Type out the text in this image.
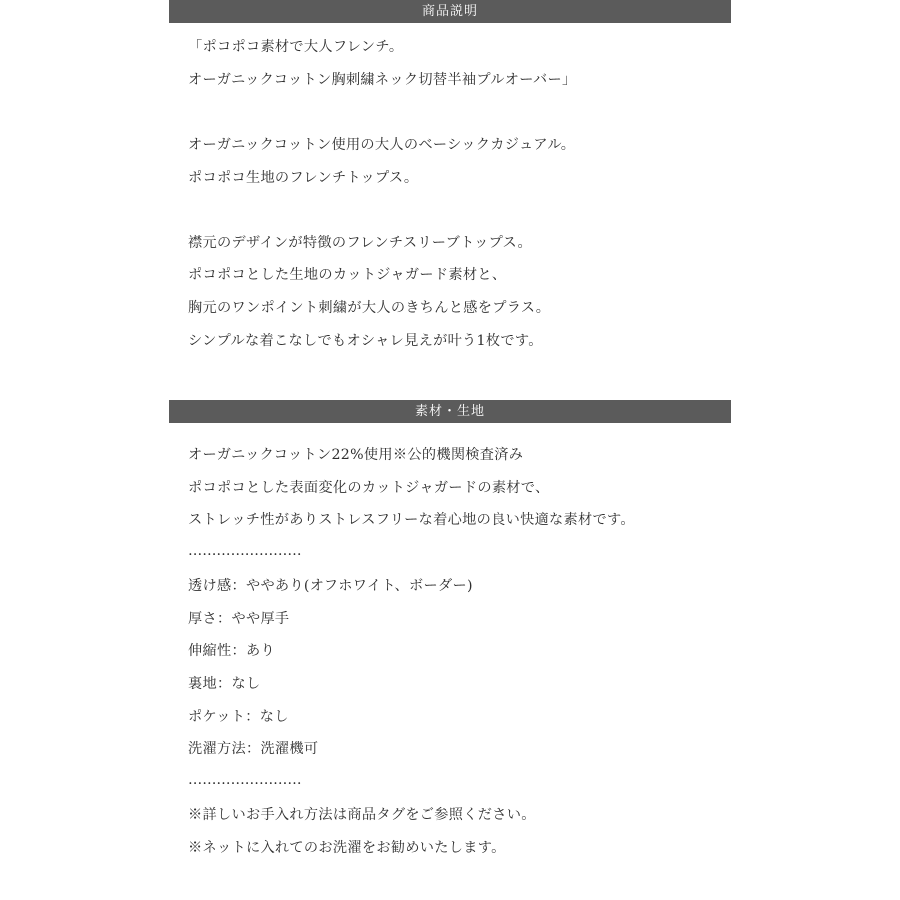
商品説明
「ポコポコ素材で大人フレンチ。
オーガニックコットン胸刺繍ネック切替半袖プルオーバー」
オーガニックコットン使用の大人のベーシックカジュアル。
ポコポコ生地のフレンチトップス。
襟元のデザインが特徴のフレンチスリーブトップス。
ポコポコとした生地のカットジャガード素材と、
胸元のワンポイント刺繍が大人のきちんと感をプラス。
シンプルな着こなしでもオシャレ見えが叶う1枚です。
素材・生地
オーガニックコットン22%使用※公的機関検査済み
ポコポコとした表面変化のカットジャガードの素材で、
ストレッチ性がありストレスフリーな着心地の良い快適な素材です。
……………………
透け感：ややあり(オフホワイト、ボーダー)
厚さ：やや厚手
伸縮性：あり
裏地：なし
ポケット：なし
洗濯方法：洗濯機可
……………………
※詳しいお手入れ方法は商品タグをご参照ください。
※ネットに入れてのお洗濯をお勧めいたします。
